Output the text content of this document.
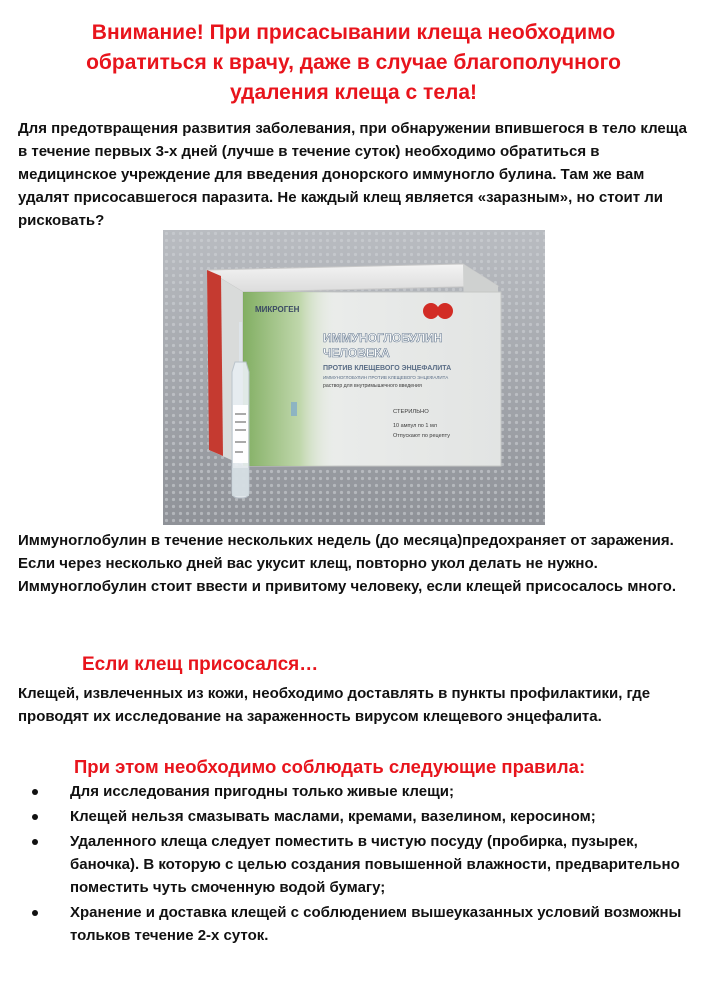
Внимание! При присасывании клеща необходимо обратиться к врачу, даже в случае благополучного удаления клеща с тела!
Для предотвращения развития заболевания, при обнаружении впившегося в тело клеща в течение первых 3-х дней (лучше в течение суток) необходимо обратиться в медицинское учреждение для введения донорского иммуногло булина. Там же вам удалят присосавшегося паразита. Не каждый клещ является «заразным», но стоит ли рисковать?
МИКРОГЕН
ИММУНОГЛОБУЛИН
ЧЕЛОВЕКА
ПРОТИВ КЛЕЩЕВОГО ЭНЦЕФАЛИТА
ИММУНОГЛОБУЛИН ПРОТИВ КЛЕЩЕВОГО ЭНЦЕФАЛИТА
раствор для внутримышечного введения
СТЕРИЛЬНО
10 ампул по 1 мл
Отпускают по рецепту
Иммуноглобулин в течение нескольких недель (до месяца)предохраняет от заражения. Если через несколько дней вас укусит клещ, повторно укол делать не нужно. Иммуноглобулин стоит ввести и привитому человеку, если клещей присосалось много.
Если клещ присосался…
Клещей, извлеченных из кожи, необходимо доставлять в пункты профилактики, где проводят их исследование на зараженность вирусом клещевого энцефалита.
При этом необходимо соблюдать следующие правила:
Для исследования пригодны только живые клещи;
Клещей нельзя смазывать маслами, кремами, вазелином, керосином;
Удаленного клеща следует поместить в чистую посуду (пробирка, пузырек, баночка). В которую с целью создания повышенной влажности, предварительно поместить чуть смоченную водой бумагу;
Хранение и доставка клещей с соблюдением вышеуказанных условий возможны тольков течение 2-х суток.
